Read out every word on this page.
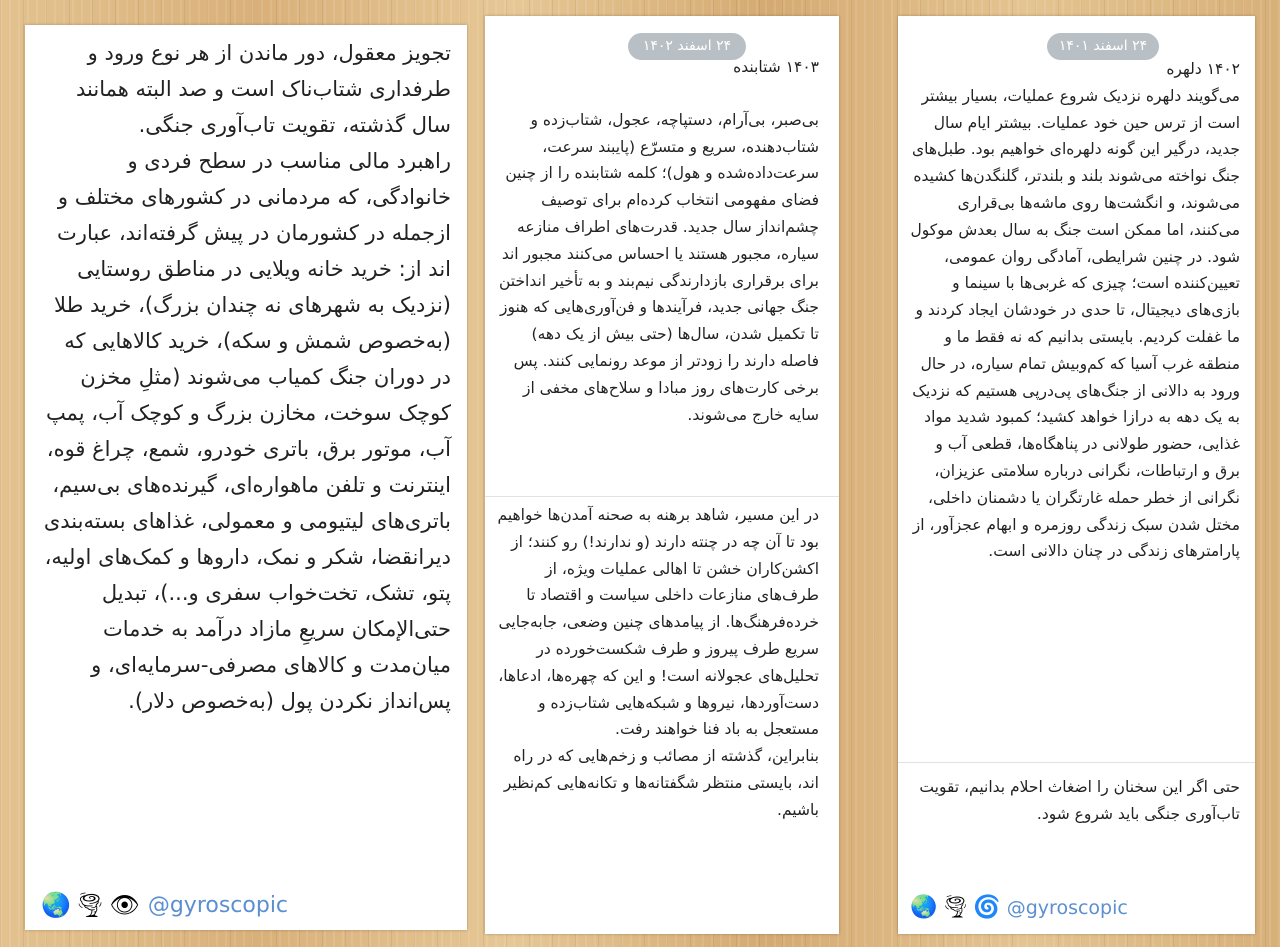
تجویز معقول، دور ماندن از هر نوع ورود و طرفداری شتاب‌ناک است و صد البته همانند سال گذشته، تقویت تاب‌آوری جنگی.

راهبرد مالی مناسب در سطح فردی و خانوادگی، که مردمانی در کشورهای مختلف و ازجمله در کشورمان در پیش گرفته‌اند، عبارت اند از: خرید خانه ویلایی در مناطق روستایی (نزدیک به شهرهای نه چندان بزرگ)، خرید طلا (به‌خصوص شمش و سکه)، خرید کالاهایی که در دوران جنگ کمیاب می‌شوند (مثلِ مخزن کوچک سوخت، مخازن بزرگ و کوچک آب، پمپ آب، موتور برق، باتری خودرو، شمع، چراغ قوه، اینترنت و تلفن ماهواره‌ای، گیرنده‌های بی‌سیم، باتری‌های لیتیومی و معمولی، غذاهای بسته‌بندی دیرانقضا، شکر و نمک، داروها و کمک‌های اولیه، پتو، تشک، تخت‌خواب سفری و...)، تبدیل حتی‌الإمکان سریعِ مازاد درآمد به خدمات میان‌مدت و کالاهای مصرفی-سرمایه‌ای، و پس‌انداز نکردن پول (به‌خصوص دلار).

🌏 🌪 👁 @gyroscopic
۲۴ اسفند ۱۴۰۲

۱۴۰۳ شتابنده

بی‌صبر، بی‌آرام، دستپاچه، عجول، شتاب‌زده و شتاب‌دهنده، سریع و متسرّع (پایبند سرعت، سرعت‌داده‌شده و هول)؛ کلمه شتابنده را از چنین فضای مفهومی انتخاب کرده‌ام برای توصیف چشم‌انداز سال جدید. قدرت‌های اطراف منازعه سیاره، مجبور هستند یا احساس می‌کنند مجبور اند برای برقراری بازدارندگی نیم‌بند و به تأخیر انداختن جنگ جهانی جدید، فرآیندها و فن‌آوری‌هایی که هنوز تا تکمیل شدن، سال‌ها (حتی بیش از یک دهه) فاصله دارند را زودتر از موعد رونمایی کنند. پس برخی کارت‌های روز مبادا و سلاح‌های مخفی از سایه خارج می‌شوند.

در این مسیر، شاهد برهنه به صحنه آمدن‌ها خواهیم بود تا آن چه در چنته دارند (و ندارند!) رو کنند؛ از اکشن‌کاران خشن تا اهالی عملیات ویژه، از طرف‌های منازعات داخلی سیاست و اقتصاد تا خرده‌فرهنگ‌ها. از پیامدهای چنین وضعی، جابه‌جایی سریع طرف پیروز و طرف شکست‌خورده در تحلیل‌های عجولانه است! و این که چهره‌ها، ادعاها، دست‌آوردها، نیروها و شبکه‌هایی شتاب‌زده و مستعجل به باد فنا خواهند رفت.

بنابراین، گذشته از مصائب و زخم‌هایی که در راه اند، بایستی منتظر شگفتانه‌ها و تکانه‌هایی کم‌نظیر باشیم.

۲۴ اسفند ۱۴۰۱

۱۴۰۲ دلهره

می‌گویند دلهره نزدیک شروع عملیات، بسیار بیشتر است از ترس حین خود عملیات. بیشتر ایام سال جدید، درگیر این گونه دلهره‌ای خواهیم بود. طبل‌های جنگ نواخته می‌شوند بلند و بلندتر، گلنگدن‌ها کشیده می‌شوند، و انگشت‌ها روی ماشه‌ها بی‌قراری می‌کنند، اما ممکن است جنگ به سال بعدش موکول شود. در چنین شرایطی، آمادگی روان عمومی، تعیین‌کننده است؛ چیزی که غربی‌ها با سینما و بازی‌های دیجیتال، تا حدی در خودشان ایجاد کردند و ما غفلت کردیم. بایستی بدانیم که نه فقط ما و منطقه غرب آسیا که کم‌وبیش تمام سیاره، در حال ورود به دالانی از جنگ‌های پی‌درپی هستیم که نزدیک به یک دهه به درازا خواهد کشید؛ کمبود شدید مواد غذایی، حضور طولانی در پناهگاه‌ها، قطعی آب و برق و ارتباطات، نگرانی درباره سلامتی عزیزان، نگرانی از خطر حمله غارتگران یا دشمنان داخلی، مختل شدن سبک زندگی روزمره و ابهام عجزآور، از پارامترهای زندگی در چنان دالانی است.

حتی اگر این سخنان را اضغاث احلام بدانیم، تقویت تاب‌آوری جنگی باید شروع شود.

🌏 🌪 🌀 @gyroscopic
